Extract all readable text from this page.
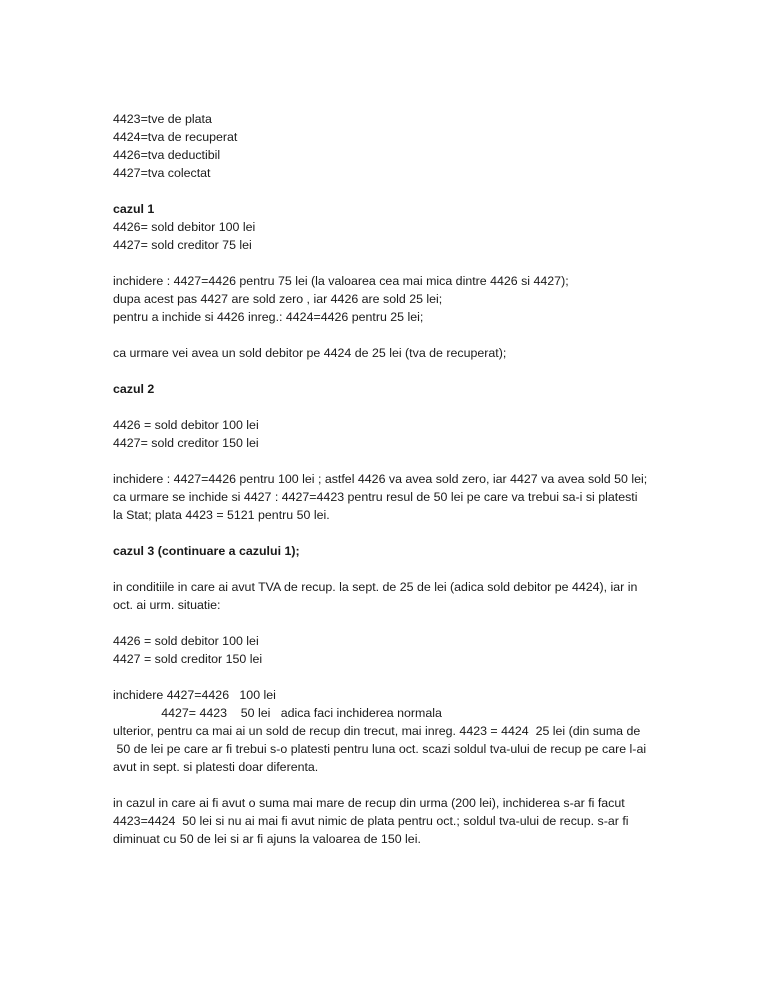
4423=tve de plata
4424=tva de recuperat
4426=tva deductibil
4427=tva colectat
cazul 1
4426= sold debitor 100 lei
4427= sold creditor 75 lei
inchidere : 4427=4426 pentru 75 lei (la valoarea cea mai mica dintre 4426 si 4427);
dupa acest pas 4427 are sold zero , iar 4426 are sold 25 lei;
pentru a inchide si 4426 inreg.: 4424=4426 pentru 25 lei;
ca urmare vei avea un sold debitor pe 4424 de 25 lei (tva de recuperat);
cazul 2
4426 = sold debitor 100 lei
4427= sold creditor 150 lei
inchidere : 4427=4426 pentru 100 lei ; astfel 4426 va avea sold zero, iar 4427 va avea sold 50 lei;
ca urmare se inchide si 4427 : 4427=4423 pentru resul de 50 lei pe care va trebui sa-i si platesti
la Stat; plata 4423 = 5121 pentru 50 lei.
cazul 3 (continuare a cazului 1);
in conditiile in care ai avut TVA de recup. la sept. de 25 de lei (adica sold debitor pe 4424), iar in
oct. ai urm. situatie:
4426 = sold debitor 100 lei
4427 = sold creditor 150 lei
inchidere 4427=4426   100 lei
4427= 4423    50 lei   adica faci inchiderea normala
ulterior, pentru ca mai ai un sold de recup din trecut, mai inreg. 4423 = 4424  25 lei (din suma de
50 de lei pe care ar fi trebui s-o platesti pentru luna oct. scazi soldul tva-ului de recup pe care l-ai
avut in sept. si platesti doar diferenta.
in cazul in care ai fi avut o suma mai mare de recup din urma (200 lei), inchiderea s-ar fi facut
4423=4424  50 lei si nu ai mai fi avut nimic de plata pentru oct.; soldul tva-ului de recup. s-ar fi
diminuat cu 50 de lei si ar fi ajuns la valoarea de 150 lei.
